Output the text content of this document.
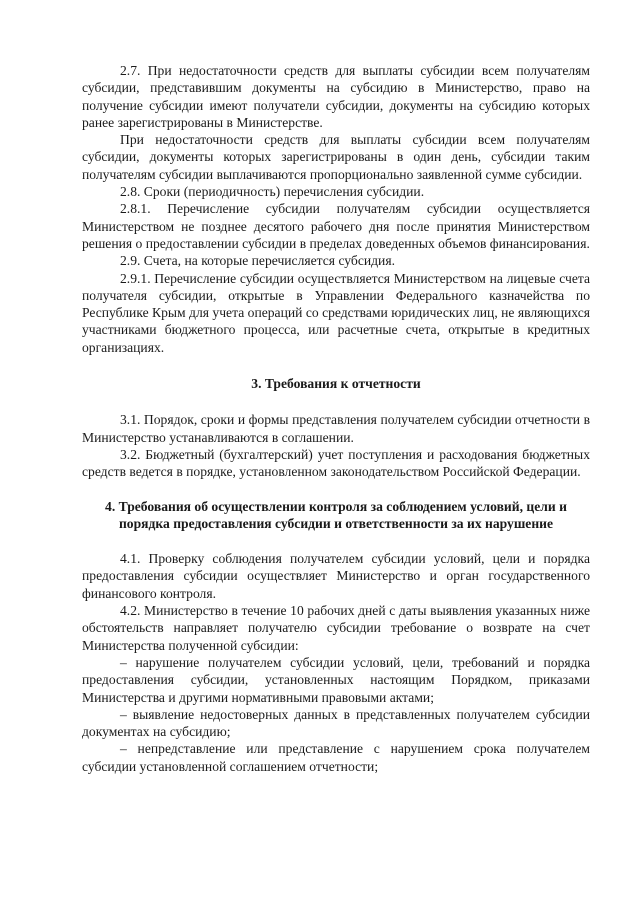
2.7. При недостаточности средств для выплаты субсидии всем получателям субсидии, представившим документы на субсидию в Министерство, право на получение субсидии имеют получатели субсидии, документы на субсидию которых ранее зарегистрированы в Министерстве.

При недостаточности средств для выплаты субсидии всем получателям субсидии, документы которых зарегистрированы в один день, субсидии таким получателям субсидии выплачиваются пропорционально заявленной сумме субсидии.

2.8. Сроки (периодичность) перечисления субсидии.

2.8.1. Перечисление субсидии получателям субсидии осуществляется Министерством не позднее десятого рабочего дня после принятия Министерством решения о предоставлении субсидии в пределах доведенных объемов финансирования.

2.9. Счета, на которые перечисляется субсидия.

2.9.1. Перечисление субсидии осуществляется Министерством на лицевые счета получателя субсидии, открытые в Управлении Федерального казначейства по Республике Крым для учета операций со средствами юридических лиц, не являющихся участниками бюджетного процесса, или расчетные счета, открытые в кредитных организациях.

3. Требования к отчетности

3.1. Порядок, сроки и формы представления получателем субсидии отчетности в Министерство устанавливаются в соглашении.

3.2. Бюджетный (бухгалтерский) учет поступления и расходования бюджетных средств ведется в порядке, установленном законодательством Российской Федерации.

4. Требования об осуществлении контроля за соблюдением условий, цели и порядка предоставления субсидии и ответственности за их нарушение

4.1. Проверку соблюдения получателем субсидии условий, цели и порядка предоставления субсидии осуществляет Министерство и орган государственного финансового контроля.

4.2. Министерство в течение 10 рабочих дней с даты выявления указанных ниже обстоятельств направляет получателю субсидии требование о возврате на счет Министерства полученной субсидии:

– нарушение получателем субсидии условий, цели, требований и порядка предоставления субсидии, установленных настоящим Порядком, приказами Министерства и другими нормативными правовыми актами;

– выявление недостоверных данных в представленных получателем субсидии документах на субсидию;

– непредставление или представление с нарушением срока получателем субсидии установленной соглашением отчетности;
